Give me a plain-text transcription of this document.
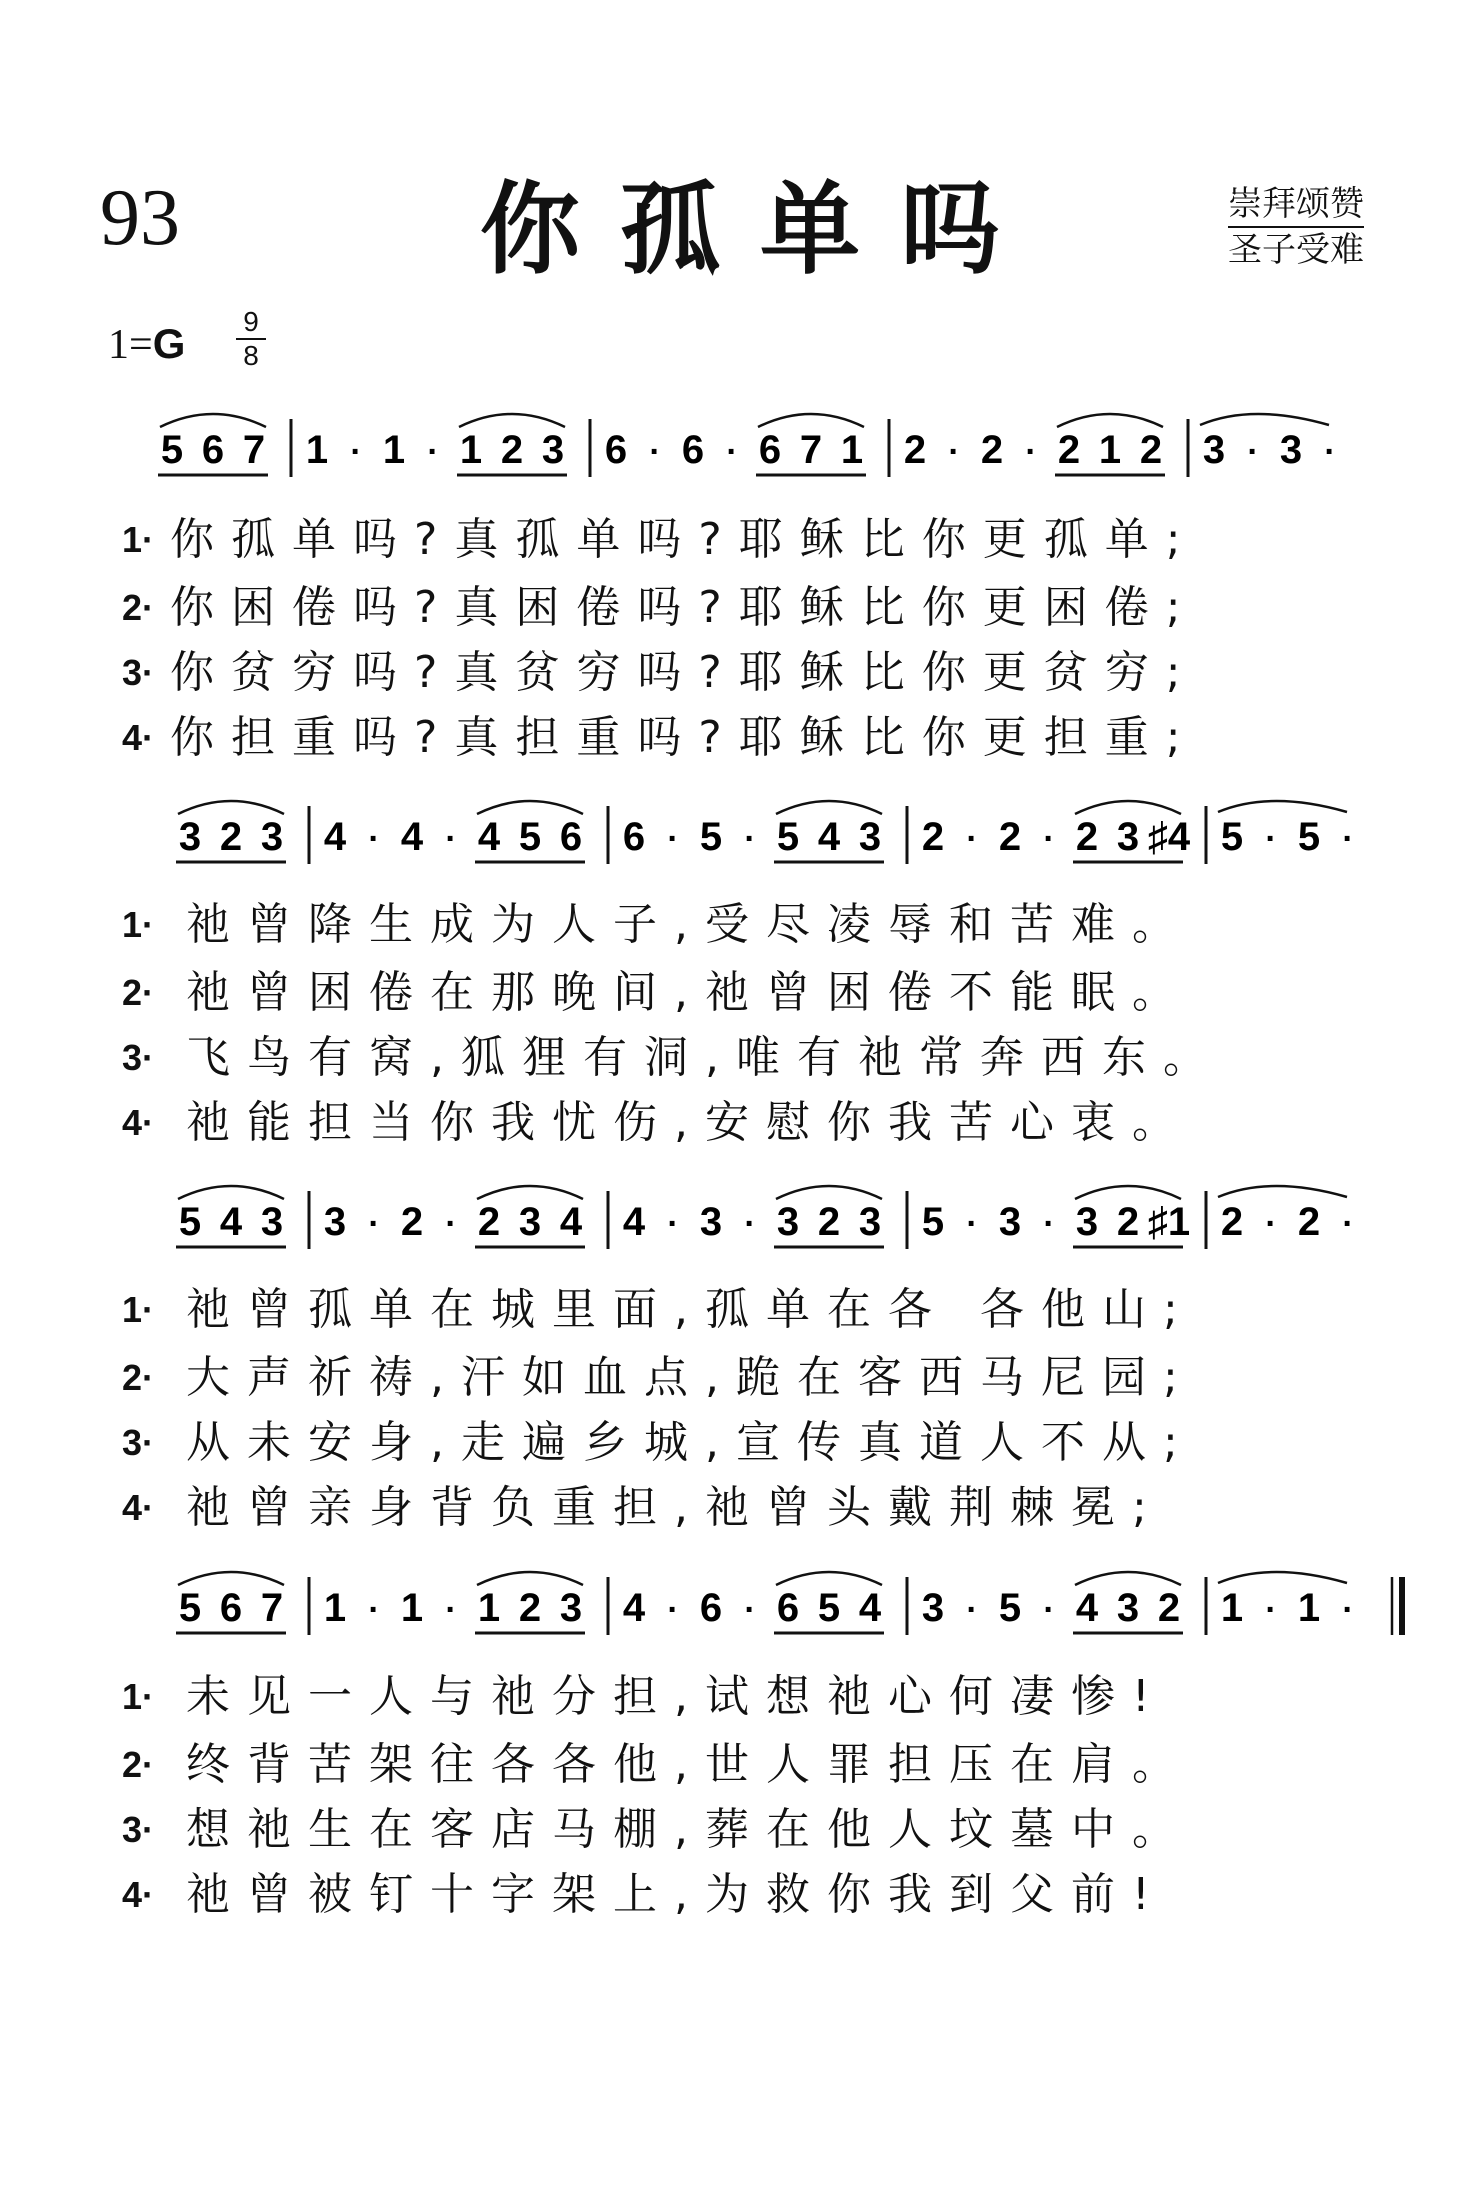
93	你孤单吗	崇拜颂赞
圣子受难
$1=G \frac{9}{8}$
5 6 7 1 · 1 · 1 2 3 6 · 6 · 6 7 1 2 · 2 · 2 1 2 3 · 3 ·
1· 你孤单吗?真孤单吗?耶稣比你更孤单;
2· 你困倦吗?真困倦吗?耶稣比你更困倦;
3· 你贫穷吗?真贫穷吗?耶稣比你更贫穷;
4· 你担重吗?真担重吗?耶稣比你更担重;
3 2 3 4 · 4 · 4 5 6 6 · 5 · 5 4 3 2 · 2 · 2 3 ♯4 5 · 5 ·
1· 祂曾降生成为人子,受尽凌辱和苦难。
2· 祂曾困倦在那晚间,祂曾困倦不能眠。
3· 飞鸟有窝,狐狸有洞,唯有祂常奔西东。
4· 祂能担当你我忧伤,安慰你我苦心衷。
5 4 3 3 · 2 · 2 3 4 4 · 3 · 3 2 3 5 · 3 · 3 2 ♯1 2 · 2 ·
1· 祂曾孤单在城里面,孤单在各 各他山;
2· 大声祈祷,汗如血点,跪在客西马尼园;
3· 从未安身,走遍乡城,宣传真道人不从;
4· 祂曾亲身背负重担,祂曾头戴荆棘冕;
5 6 7 1 · 1 · 1 2 3 4 · 6 · 6 5 4 3 · 5 · 4 3 2 1 · 1 ·
1· 未见一人与祂分担,试想祂心何凄惨!
2· 终背苦架往各各他,世人罪担压在肩。
3· 想祂生在客店马棚,葬在他人坟墓中。
4· 祂曾被钉十字架上,为救你我到父前!
